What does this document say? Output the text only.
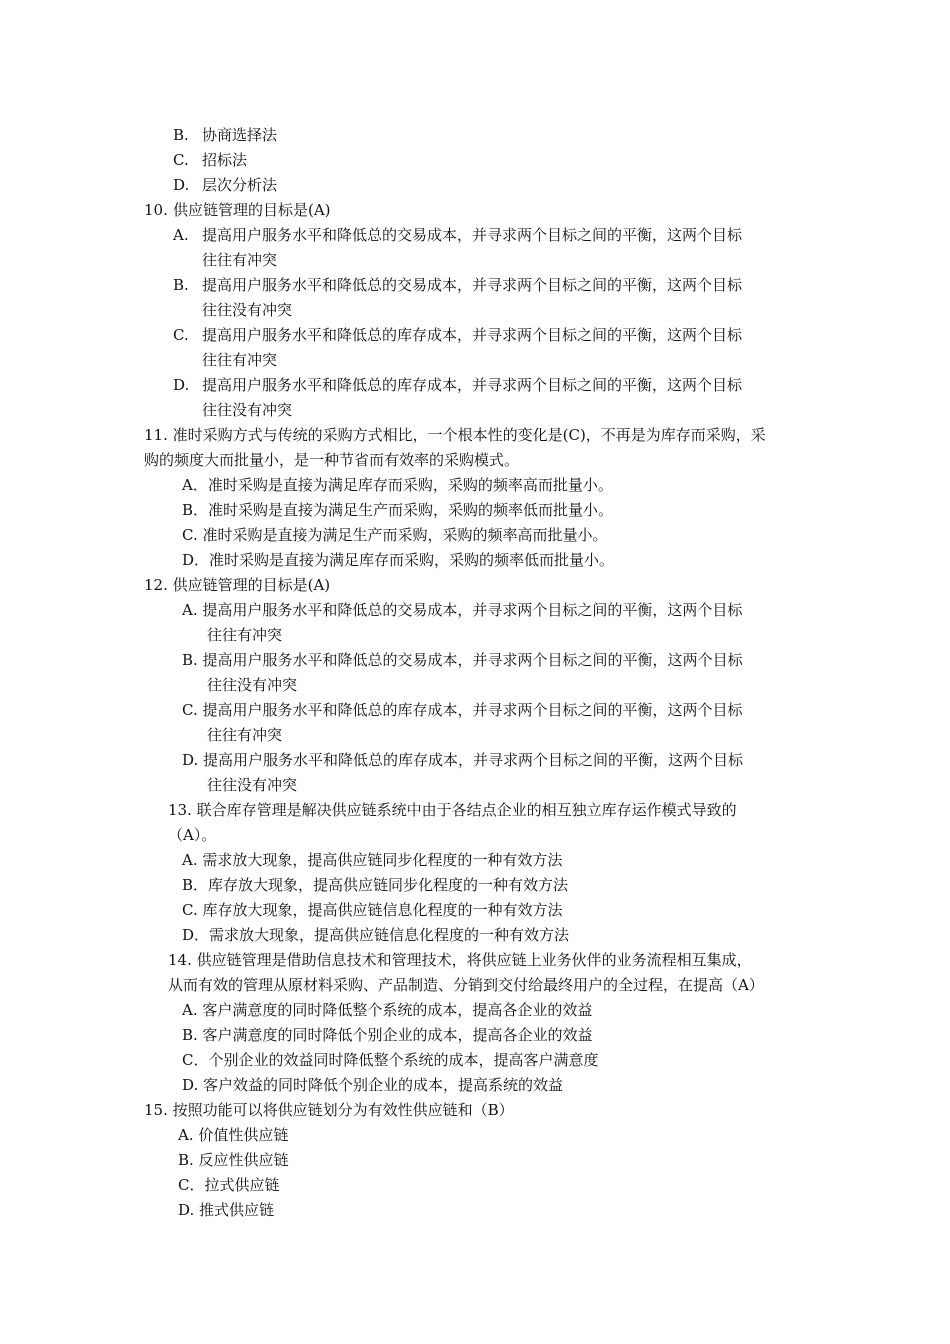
B. 协商选择法
C. 招标法
D. 层次分析法
10. 供应链管理的目标是(A)
A. 提高用户服务水平和降低总的交易成本，并寻求两个目标之间的平衡，这两个目标
往往有冲突
B. 提高用户服务水平和降低总的交易成本，并寻求两个目标之间的平衡，这两个目标
往往没有冲突
C. 提高用户服务水平和降低总的库存成本，并寻求两个目标之间的平衡，这两个目标
往往有冲突
D. 提高用户服务水平和降低总的库存成本，并寻求两个目标之间的平衡，这两个目标
往往没有冲突
11. 准时采购方式与传统的采购方式相比，一个根本性的变化是(C)，不再是为库存而采购，采
购的频度大而批量小，是一种节省而有效率的采购模式。
A．准时采购是直接为满足库存而采购，采购的频率高而批量小。
B．准时采购是直接为满足生产而采购，采购的频率低而批量小。
C. 准时采购是直接为满足生产而采购，采购的频率高而批量小。
D．准时采购是直接为满足库存而采购，采购的频率低而批量小。
12. 供应链管理的目标是(A)
A. 提高用户服务水平和降低总的交易成本，并寻求两个目标之间的平衡，这两个目标
往往有冲突
B. 提高用户服务水平和降低总的交易成本，并寻求两个目标之间的平衡，这两个目标
往往没有冲突
C. 提高用户服务水平和降低总的库存成本，并寻求两个目标之间的平衡，这两个目标
往往有冲突
D. 提高用户服务水平和降低总的库存成本，并寻求两个目标之间的平衡，这两个目标
往往没有冲突
13. 联合库存管理是解决供应链系统中由于各结点企业的相互独立库存运作模式导致的
（A）。
A. 需求放大现象，提高供应链同步化程度的一种有效方法
B．库存放大现象，提高供应链同步化程度的一种有效方法
C. 库存放大现象，提高供应链信息化程度的一种有效方法
D．需求放大现象，提高供应链信息化程度的一种有效方法
14. 供应链管理是借助信息技术和管理技术，将供应链上业务伙伴的业务流程相互集成，
从而有效的管理从原材料采购、产品制造、分销到交付给最终用户的全过程，在提高（A）
A. 客户满意度的同时降低整个系统的成本，提高各企业的效益
B. 客户满意度的同时降低个别企业的成本，提高各企业的效益
C．个别企业的效益同时降低整个系统的成本，提高客户满意度
D. 客户效益的同时降低个别企业的成本，提高系统的效益
15. 按照功能可以将供应链划分为有效性供应链和（B）
A. 价值性供应链
B. 反应性供应链
C．拉式供应链
D. 推式供应链
